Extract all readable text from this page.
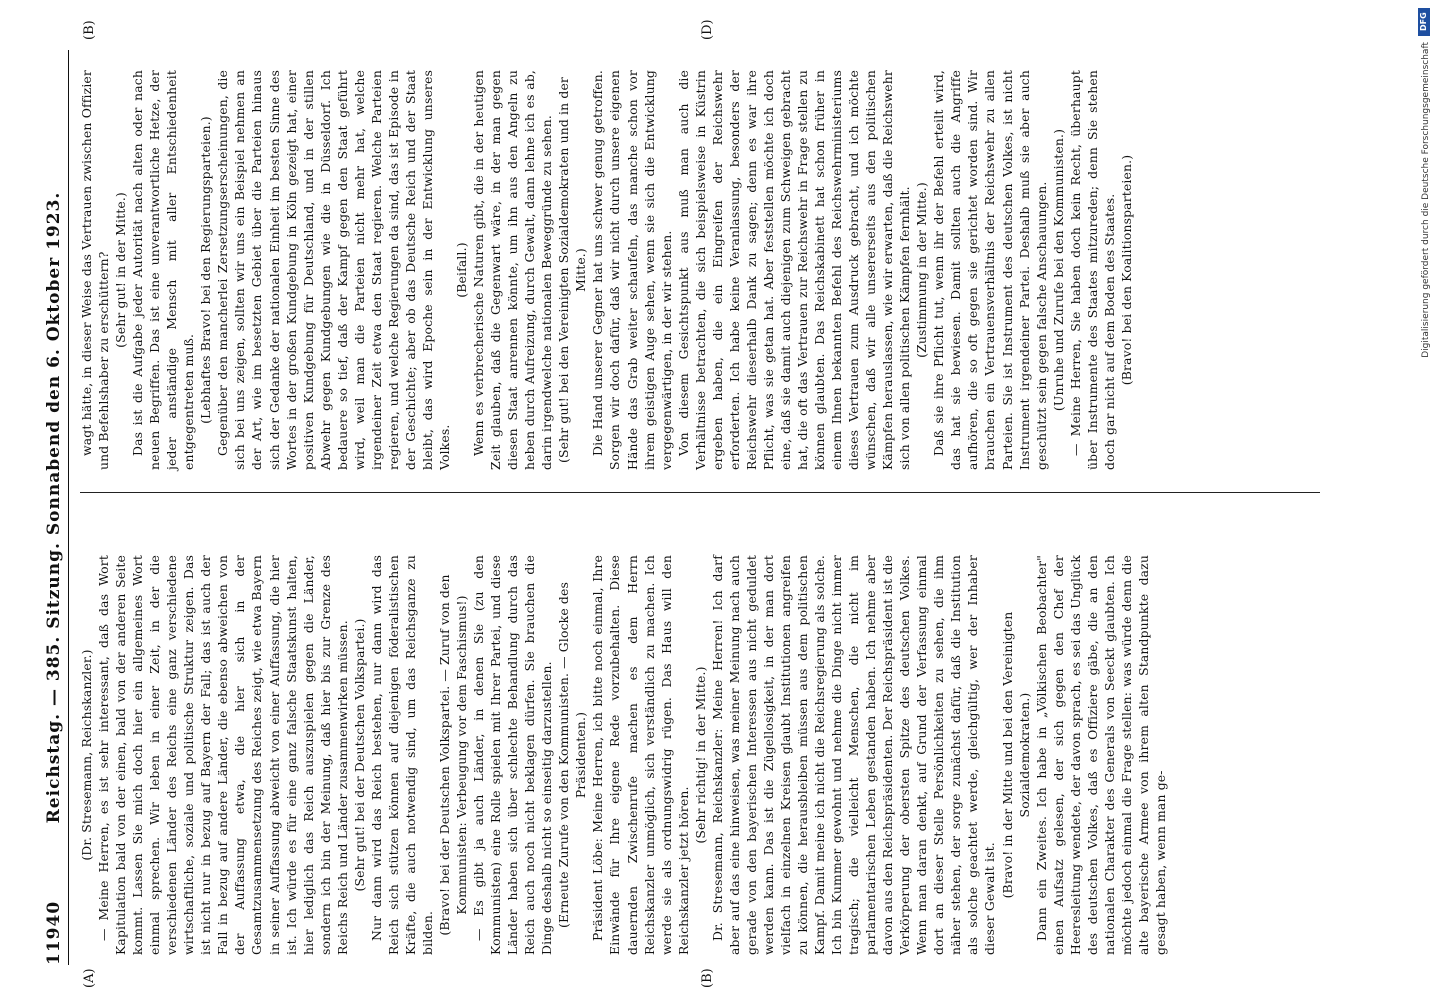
11940
Reichstag. — 385. Sitzung. Sonnabend den 6. Oktober 1923.
(A)	(B)
(B)	(D)

(Dr. Stresemann, Reichskanzler.) — Meine Herren, es ist sehr interessant, daß das Wort Kapitulation bald von der einen, bald von der anderen Seite kommt. Lassen Sie mich doch hier ein allgemeines Wort einmal sprechen. Wir leben in einer Zeit, in der die verschiedenen Länder des Reichs eine ganz verschiedene wirtschaftliche, soziale und politische Struktur zeigen. Das ist nicht nur in bezug auf Bayern der Fall; das ist auch der Fall in bezug auf andere Länder, die ebenso abweichen von der Auffassung etwa, die hier sich in der Gesamtzusammensetzung des Reiches zeigt, wie etwa Bayern in seiner Auffassung abweicht von einer Auffassung, die hier ist. Ich würde es für eine ganz falsche Staatskunst halten, hier lediglich das Reich auszuspielen gegen die Länder, sondern ich bin der Meinung, daß hier bis zur Grenze des Reichs Reich und Länder zusammenwirken müssen. (Sehr gut! bei der Deutschen Volkspartei.) Nur dann wird das Reich bestehen, nur dann wird das Reich sich stützen können auf diejenigen föderalistischen Kräfte, die auch notwendig sind, um das Reichsganze zu bilden. (Bravo! bei der Deutschen Volkspartei. — Zuruf von den Kommunisten: Verbeugung vor dem Faschismus!) — Es gibt ja auch Länder, in denen Sie (zu den Kommunisten) eine Rolle spielen mit Ihrer Partei, und diese Länder haben sich über schlechte Behandlung durch das Reich auch noch nicht beklagen dürfen. Sie brauchen die Dinge deshalb nicht so einseitig darzustellen. (Erneute Zurufe von den Kommunisten. — Glocke des Präsidenten.) Präsident Löbe: Meine Herren, ich bitte noch einmal, Ihre Einwände für Ihre eigene Rede vorzubehalten. Diese dauernden Zwischenrufe machen es dem Herrn Reichskanzler unmöglich, sich verständlich zu machen. Ich werde sie als ordnungswidrig rügen. Das Haus will den Reichskanzler jetzt hören.

(Sehr richtig! in der Mitte.) Dr. Stresemann, Reichskanzler: Meine Herren! Ich darf aber auf das eine hinweisen, was meiner Meinung nach auch gerade von den bayerischen Interessen aus nicht geduldet werden kann. Das ist die Zügellosigkeit, in der man dort vielfach in einzelnen Kreisen glaubt Institutionen angreifen zu können, die herausbleiben müssen aus dem politischen Kampf. Damit meine ich nicht die Reichsregierung als solche. Ich bin Kummer gewohnt und nehme die Dinge nicht immer tragisch; die vielleicht Menschen, die nicht im parlamentarischen Leben gestanden haben. Ich nehme aber davon aus den Reichspräsidenten. Der Reichspräsident ist die Verkörperung der obersten Spitze des deutschen Volkes. Wenn man daran denkt, auf Grund der Verfassung einmal dort an dieser Stelle Persönlichkeiten zu sehen, die ihm näher stehen, der sorge zunächst dafür, daß die Institution als solche geachtet werde, gleichgültig, wer der Inhaber dieser Gewalt ist.

(Bravo! in der Mitte und bei den Vereinigten Sozialdemokraten.) Dann ein Zweites. Ich habe in „Völkischen Beobachter" einen Aufsatz gelesen, der sich gegen den Chef der Heeresleitung wendete, der davon sprach, es sei das Unglück des deutschen Volkes, daß es Offiziere gäbe, die an den nationalen Charakter des Generals von Seeckt glaubten. Ich möchte jedoch einmal die Frage stellen: was würde denn die alte bayerische Armee von ihrem alten Standpunkte dazu gesagt haben, wenn man ge-

wagt hätte, in dieser Weise das Vertrauen zwischen Offizier und Befehlshaber zu erschüttern? (Sehr gut! in der Mitte.) Das ist die Aufgabe jeder Autorität nach alten oder nach neuen Begriffen. Das ist eine unverantwortliche Hetze, der jeder anständige Mensch mit aller Entschiedenheit entgegentreten muß. (Lebhaftes Bravo! bei den Regierungsparteien.) Gegenüber den mancherlei Zersetzungserscheinungen, die sich bei uns zeigen, sollten wir uns ein Beispiel nehmen an der Art, wie im besetzten Gebiet über die Parteien hinaus sich der Gedanke der nationalen Einheit im besten Sinne des Wortes in der großen Kundgebung in Köln gezeigt hat, einer positiven Kundgebung für Deutschland, und in der stillen Abwehr gegen Kundgebungen wie die in Düsseldorf. Ich bedauere so tief, daß der Kampf gegen den Staat geführt wird, weil man die Parteien nicht mehr hat, welche irgendeiner Zeit etwa den Staat regieren. Welche Parteien regieren, und welche Regierungen da sind, das ist Episode in der Geschichte; aber ob das Deutsche Reich und der Staat bleibt, das wird Epoche sein in der Entwicklung unseres Volkes.

(Beifall.) Wenn es verbrecherische Naturen gibt, die in der heutigen Zeit glauben, daß die Gegenwart wäre, in der man gegen diesen Staat anrennen könnte, um ihn aus den Angeln zu heben durch Aufreizung, durch Gewalt, dann lehne ich es ab, darin irgendwelche nationalen Beweggründe zu sehen. (Sehr gut! bei den Vereinigten Sozialdemokraten und in der Mitte.) Die Hand unserer Gegner hat uns schwer genug getroffen. Sorgen wir doch dafür, daß wir nicht durch unsere eigenen Hände das Grab weiter schaufeln, das manche schon vor ihrem geistigen Auge sehen, wenn sie sich die Entwicklung vergegenwärtigen, in der wir stehen. Von diesem Gesichtspunkt aus muß man auch die Verhältnisse betrachten, die sich beispielsweise in Küstrin ergeben haben, die ein Eingreifen der Reichswehr erforderten. Ich habe keine Veranlassung, besonders der Reichswehr dieserhalb Dank zu sagen; denn es war ihre Pflicht, was sie getan hat. Aber feststellen möchte ich doch eine, daß sie damit auch diejenigen zum Schweigen gebracht hat, die oft das Vertrauen zur Reichswehr in Frage stellen zu können glaubten. Das Reichskabinett hat schon früher in einem Ihnen bekannten Befehl des Reichswehrministeriums dieses Vertrauen zum Ausdruck gebracht, und ich möchte wünschen, daß wir alle unsererseits aus den politischen Kämpfen herauslassen, wie wir erwarten, daß die Reichswehr sich von allen politischen Kämpfen fernhält. (Zustimmung in der Mitte.) Daß sie ihre Pflicht tut, wenn ihr der Befehl erteilt wird, das hat sie bewiesen. Damit sollten auch die Angriffe aufhören, die so oft gegen sie gerichtet worden sind. Wir brauchen ein Vertrauensverhältnis der Reichswehr zu allen Parteien. Sie ist Instrument des deutschen Volkes, ist nicht Instrument irgendeiner Partei. Deshalb muß sie aber auch geschützt sein gegen falsche Anschauungen. (Unruhe und Zurufe bei den Kommunisten.) — Meine Herren, Sie haben doch kein Recht, überhaupt über Instrumente des Staates mitzureden; denn Sie stehen doch gar nicht auf dem Boden des Staates. (Bravo! bei den Koalitionsparteien.)

DFG
Digitalisierung gefördert durch die Deutsche Forschungsgemeinschaft
